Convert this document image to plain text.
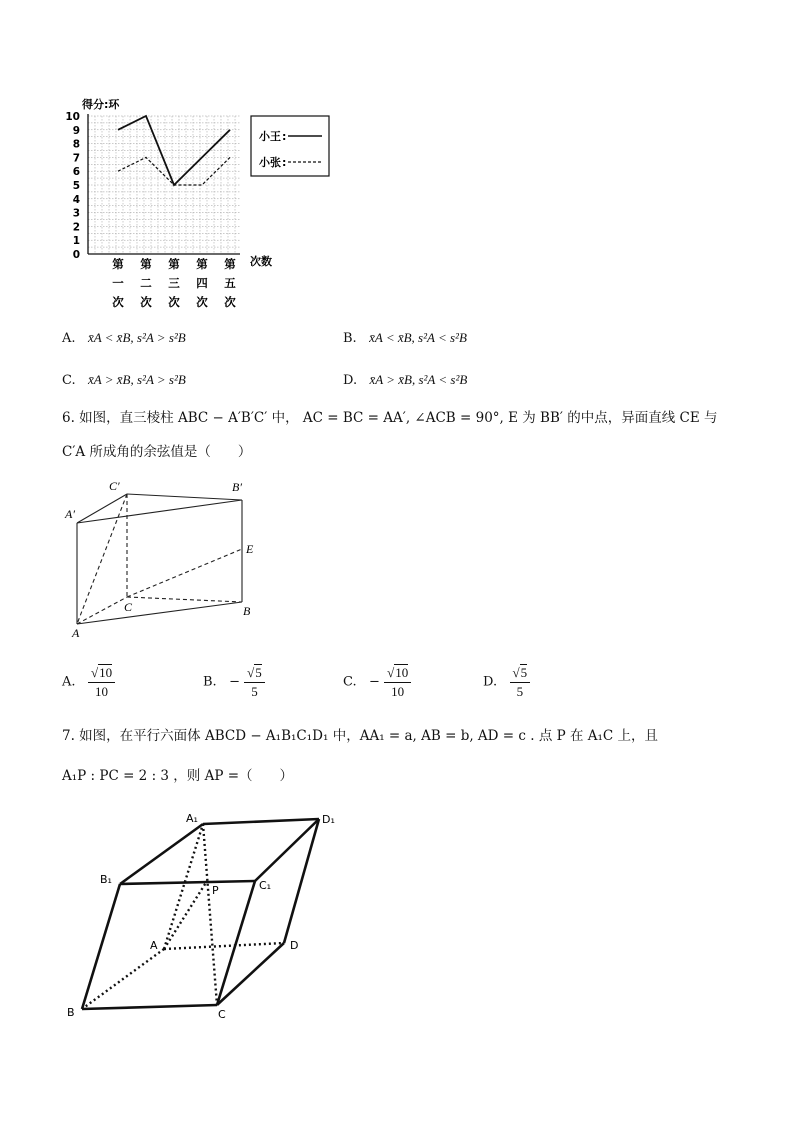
得分:环
0
1
2
3
4
5
6
7
8
9
10
第
一
次
第
二
次
第
三
次
第
四
次
第
五
次
次数
小王 :
小张 :
A. x̄A < x̄B, s²A > s²B	B. x̄A < x̄B, s²A < s²B
C. x̄A > x̄B, s²A > s²B	D. x̄A > x̄B, s²A < s²B
6. 如图，直三棱柱 ABC − A′B′C′ 中， AC = BC = AA′, ∠ACB = 90°, E 为 BB′ 的中点，异面直线 CE 与
C′A 所成角的余弦值是（　　）
C′	B′
A′
E
C	B
A
A. $\frac{√10}{10}$	B. − $\frac{√5}{5}$	C. − $\frac{√10}{10}$	D. $\frac{√5}{5}$
7. 如图，在平行六面体 ABCD − A₁B₁C₁D₁ 中，AA₁ = a, AB = b, AD = c . 点 P 在 A₁C 上，且
A₁P : PC = 2 : 3 ，则 AP =（　　）
A₁	D₁
B₁	C₁
P
A	D
B	C
